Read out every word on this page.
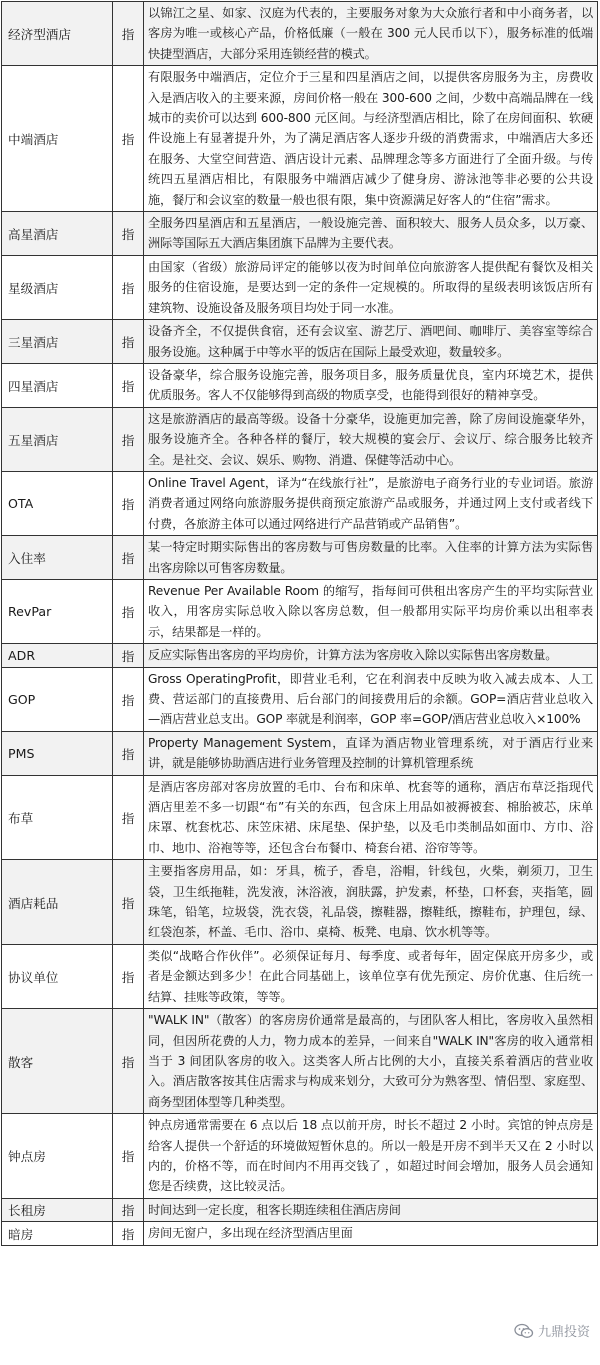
经济型酒店	指	以锦江之星、如家、汉庭为代表的，主要服务对象为大众旅行者和中小商务者，以客房为唯一或核心产品，价格低廉（一般在 300 元人民币以下），服务标准的低端快捷型酒店，大部分采用连锁经营的模式。
中端酒店	指	有限服务中端酒店，定位介于三星和四星酒店之间，以提供客房服务为主，房费收入是酒店收入的主要来源，房间价格一般在 300-600 之间，少数中高端品牌在一线城市的卖价可以达到 600-800 元区间。与经济型酒店相比，除了在房间面积、软硬件设施上有显著提升外，为了满足酒店客人逐步升级的消费需求，中端酒店大多还在服务、大堂空间营造、酒店设计元素、品牌理念等多方面进行了全面升级。与传统四五星酒店相比，有限服务中端酒店减少了健身房、游泳池等非必要的公共设施，餐厅和会议室的数量一般也很有限，集中资源满足好客人的“住宿”需求。
高星酒店	指	全服务四星酒店和五星酒店，一般设施完善、面积较大、服务人员众多，以万豪、洲际等国际五大酒店集团旗下品牌为主要代表。
星级酒店	指	由国家（省级）旅游局评定的能够以夜为时间单位向旅游客人提供配有餐饮及相关服务的住宿设施，是要达到一定的条件一定规模的。所取得的星级表明该饭店所有建筑物、设施设备及服务项目均处于同一水准。
三星酒店	指	设备齐全，不仅提供食宿，还有会议室、游艺厅、酒吧间、咖啡厅、美容室等综合服务设施。这种属于中等水平的饭店在国际上最受欢迎，数量较多。
四星酒店	指	设备豪华，综合服务设施完善，服务项目多，服务质量优良，室内环境艺术，提供优质服务。客人不仅能够得到高级的物质享受，也能得到很好的精神享受。
五星酒店	指	这是旅游酒店的最高等级。设备十分豪华，设施更加完善，除了房间设施豪华外，服务设施齐全。各种各样的餐厅，较大规模的宴会厅、会议厅、综合服务比较齐全。是社交、会议、娱乐、购物、消遣、保健等活动中心。
OTA	指	Online Travel Agent，译为“在线旅行社”，是旅游电子商务行业的专业词语。旅游消费者通过网络向旅游服务提供商预定旅游产品或服务，并通过网上支付或者线下付费，各旅游主体可以通过网络进行产品营销或产品销售”。
入住率	指	某一特定时期实际售出的客房数与可售房数量的比率。入住率的计算方法为实际售出客房除以可售客房数量。
RevPar	指	Revenue Per Available Room 的缩写，指每间可供租出客房产生的平均实际营业收入，用客房实际总收入除以客房总数，但一般都用实际平均房价乘以出租率表示，结果都是一样的。
ADR	指	反应实际售出客房的平均房价，计算方法为客房收入除以实际售出客房数量。
GOP	指	Gross OperatingProfit，即营业毛利，它在利润表中反映为收入减去成本、人工费、营运部门的直接费用、后台部门的间接费用后的余额。GOP=酒店营业总收入—酒店营业总支出。GOP 率就是利润率，GOP 率=GOP/酒店营业总收入×100%
PMS	指	Property Management System，直译为酒店物业管理系统，对于酒店行业来讲，就是能够协助酒店进行业务管理及控制的计算机管理系统
布草	指	是酒店客房部对客房放置的毛巾、台布和床单、枕套等的通称，酒店布草泛指现代酒店里差不多一切跟“布”有关的东西，包含床上用品如被褥被套、棉胎被芯，床单床罩、枕套枕芯、床笠床裙、床尾垫、保护垫，以及毛巾类制品如面巾、方巾、浴巾、地巾、浴袍等等，还包含台布餐巾、椅套台裙、浴帘等等。
酒店耗品	指	主要指客房用品，如：牙具，梳子，香皂，浴帽，针线包，火柴，剃须刀，卫生袋，卫生纸拖鞋，洗发液，沐浴液，润肤露，护发素，杯垫，口杯套，夹指笔，圆珠笔，铅笔，垃圾袋，洗衣袋，礼品袋，擦鞋器，擦鞋纸，擦鞋布，护理包，绿、红袋泡茶，杯盖、毛巾、浴巾、桌椅、板凳、电扇、饮水机等等。
协议单位	指	类似“战略合作伙伴”。必须保证每月、每季度、或者每年，固定保底开房多少，或者是金额达到多少！在此合同基础上，该单位享有优先预定、房价优惠、住后统一结算、挂账等政策，等等。
散客	指	"WALK IN"（散客）的客房房价通常是最高的，与团队客人相比，客房收入虽然相同，但因所花费的人力，物力成本的差异，一间来自"WALK IN"客房的收入通常相当于 3 间团队客房的收入。这类客人所占比例的大小，直接关系着酒店的营业收入。酒店散客按其住店需求与构成来划分，大致可分为熟客型、情侣型、家庭型、商务型团体型等几种类型。
钟点房	指	钟点房通常需要在 6 点以后 18 点以前开房，时长不超过 2 小时。宾馆的钟点房是给客人提供一个舒适的环境做短暂休息的。所以一般是开房不到半天又在 2 小时以内的，价格不等，而在时间内不用再交钱了 ，如超过时间会增加，服务人员会通知您是否续费，这比较灵活。
长租房	指	时间达到一定长度，租客长期连续租住酒店房间
暗房	指	房间无窗户，多出现在经济型酒店里面
九鼎投资
